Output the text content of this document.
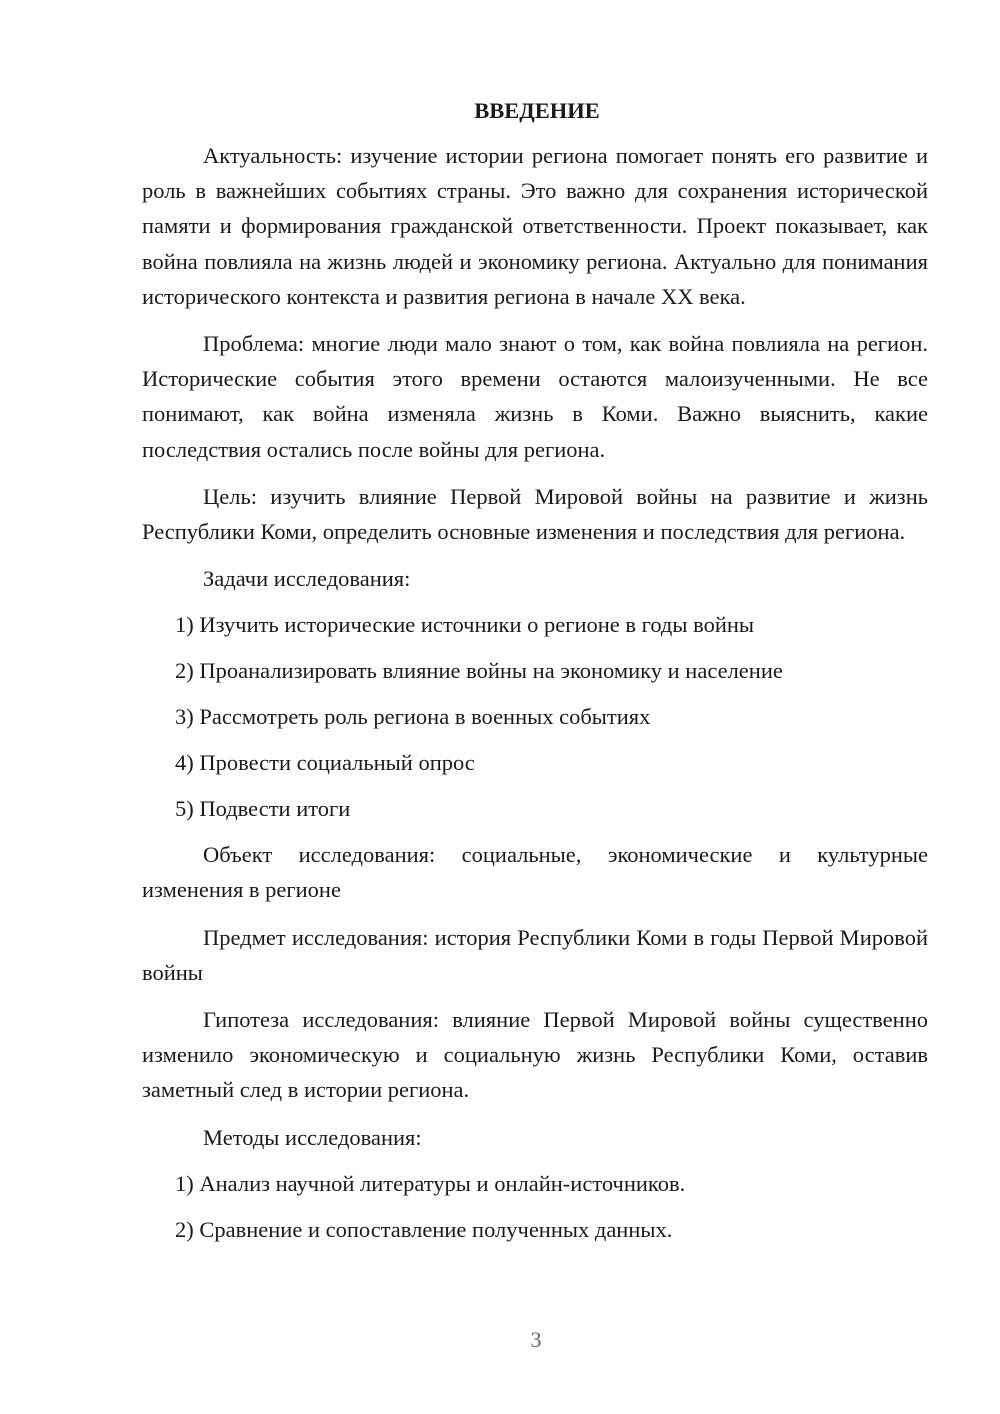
ВВЕДЕНИЕ

Актуальность: изучение истории региона помогает понять его развитие и роль в важнейших событиях страны. Это важно для сохранения исторической памяти и формирования гражданской ответственности. Проект показывает, как война повлияла на жизнь людей и экономику региона. Актуально для понимания исторического контекста и развития региона в начале XX века.

Проблема: многие люди мало знают о том, как война повлияла на регион. Исторические события этого времени остаются малоизученными. Не все понимают, как война изменяла жизнь в Коми. Важно выяснить, какие последствия остались после войны для региона.

Цель: изучить влияние Первой Мировой войны на развитие и жизнь Республики Коми, определить основные изменения и последствия для региона.

Задачи исследования:
1) Изучить исторические источники о регионе в годы войны
2) Проанализировать влияние войны на экономику и население
3) Рассмотреть роль региона в военных событиях
4) Провести социальный опрос
5) Подвести итоги

Объект исследования: социальные, экономические и культурные изменения в регионе

Предмет исследования: история Республики Коми в годы Первой Мировой войны

Гипотеза исследования: влияние Первой Мировой войны существенно изменило экономическую и социальную жизнь Республики Коми, оставив заметный след в истории региона.

Методы исследования:
1) Анализ научной литературы и онлайн-источников.
2) Сравнение и сопоставление полученных данных.
3
